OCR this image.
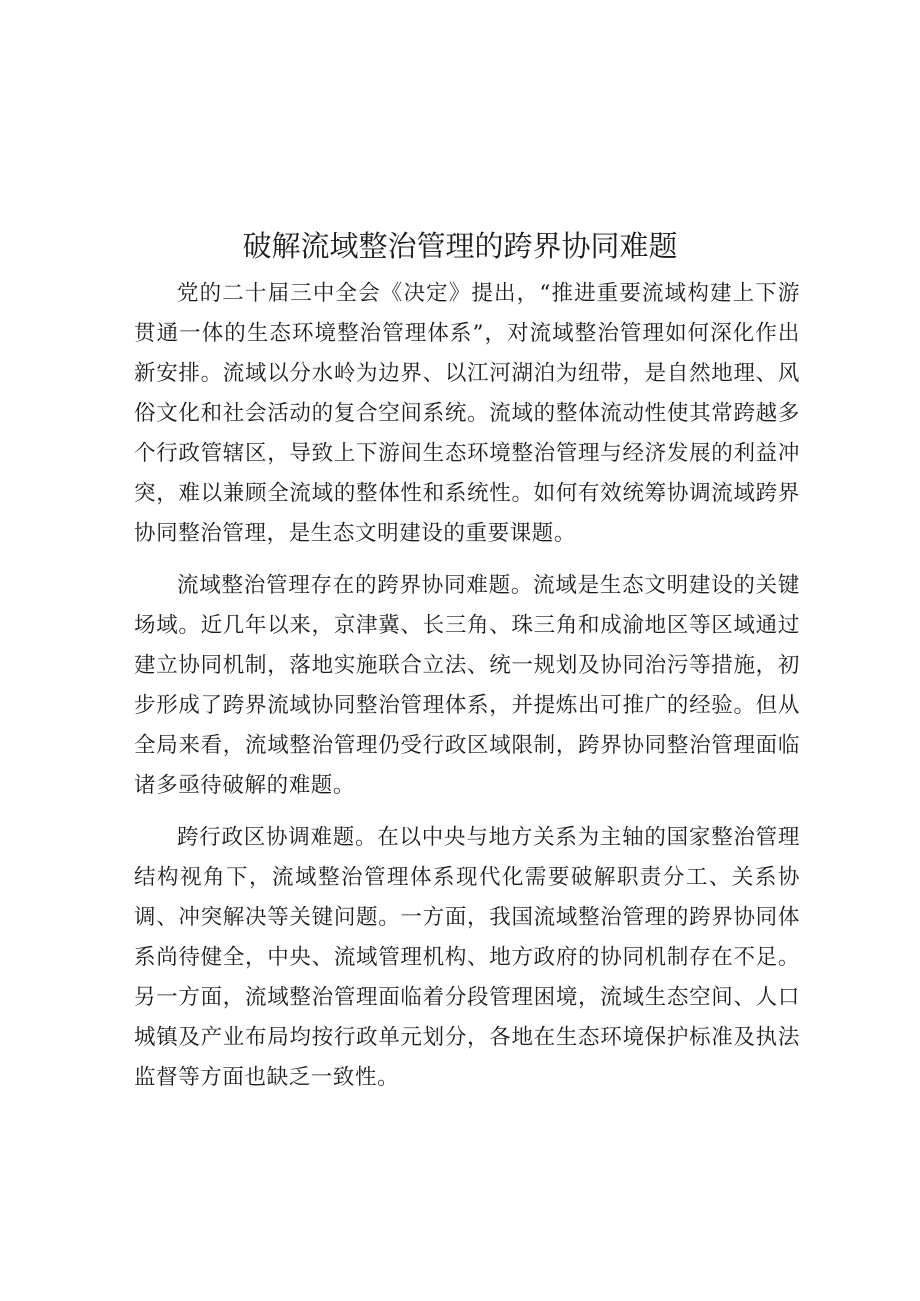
破解流域整治管理的跨界协同难题

党的二十届三中全会《决定》提出，“推进重要流域构建上下游贯通一体的生态环境整治管理体系”，对流域整治管理如何深化作出新安排。流域以分水岭为边界、以江河湖泊为纽带，是自然地理、风俗文化和社会活动的复合空间系统。流域的整体流动性使其常跨越多个行政管辖区，导致上下游间生态环境整治管理与经济发展的利益冲突，难以兼顾全流域的整体性和系统性。如何有效统筹协调流域跨界协同整治管理，是生态文明建设的重要课题。

流域整治管理存在的跨界协同难题。流域是生态文明建设的关键场域。近几年以来，京津冀、长三角、珠三角和成渝地区等区域通过建立协同机制，落地实施联合立法、统一规划及协同治污等措施，初步形成了跨界流域协同整治管理体系，并提炼出可推广的经验。但从全局来看，流域整治管理仍受行政区域限制，跨界协同整治管理面临诸多亟待破解的难题。

跨行政区协调难题。在以中央与地方关系为主轴的国家整治管理结构视角下，流域整治管理体系现代化需要破解职责分工、关系协调、冲突解决等关键问题。一方面，我国流域整治管理的跨界协同体系尚待健全，中央、流域管理机构、地方政府的协同机制存在不足。另一方面，流域整治管理面临着分段管理困境，流域生态空间、人口城镇及产业布局均按行政单元划分，各地在生态环境保护标准及执法监督等方面也缺乏一致性。
